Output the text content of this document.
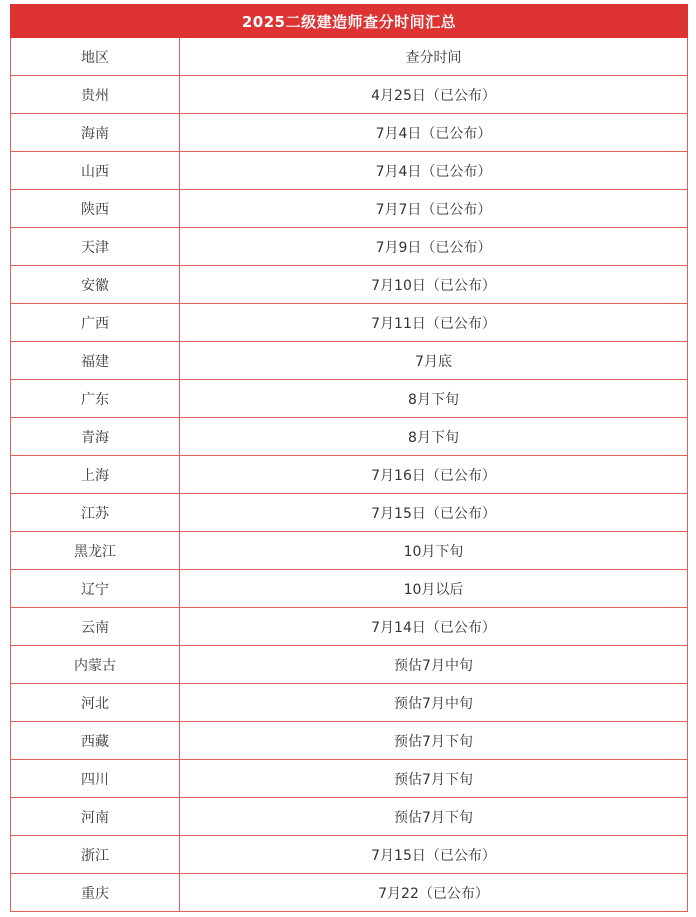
2025二级建造师查分时间汇总	
地区	查分时间
贵州	4月25日（已公布）
海南	7月4日（已公布）
山西	7月4日（已公布）
陕西	7月7日（已公布）
天津	7月9日（已公布）
安徽	7月10日（已公布）
广西	7月11日（已公布）
福建	7月底
广东	8月下旬
青海	8月下旬
上海	7月16日（已公布）
江苏	7月15日（已公布）
黑龙江	10月下旬
辽宁	10月以后
云南	7月14日（已公布）
内蒙古	预估7月中旬
河北	预估7月中旬
西藏	预估7月下旬
四川	预估7月下旬
河南	预估7月下旬
浙江	7月15日（已公布）
重庆	7月22（已公布）
